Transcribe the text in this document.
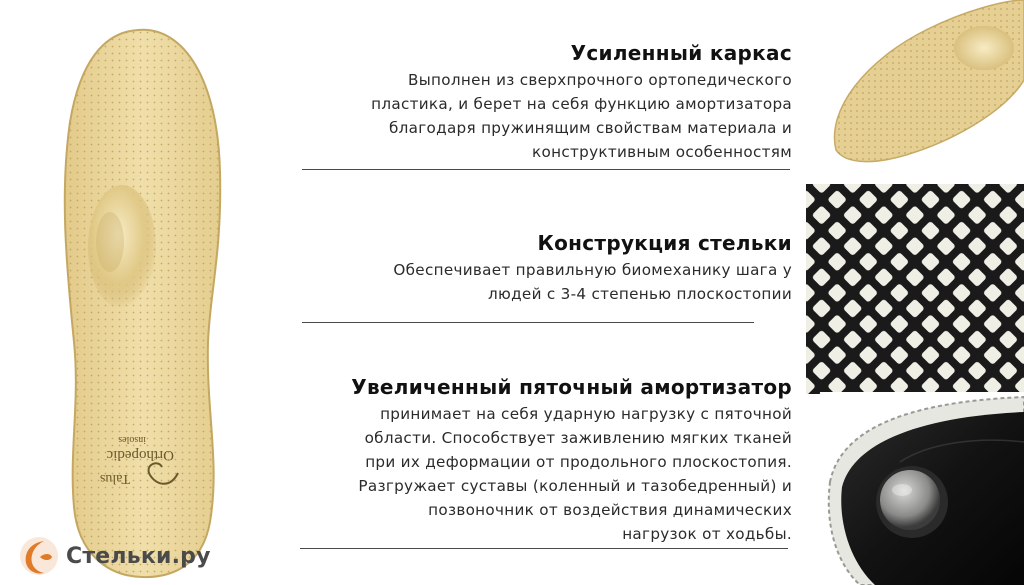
Talus
Orthopedic
insoles
Стельки.ру
Усиленный каркас

Выполнен из сверхпрочного ортопедического
пластика, и берет на себя функцию амортизатора
благодаря пружинящим свойствам материала и
конструктивным особенностям

Конструкция стельки

Обеспечивает правильную биомеханику шага у
людей с 3-4 степенью плоскостопии

Увеличенный пяточный амортизатор

принимает на себя ударную нагрузку с пяточной
области. Способствует заживлению мягких тканей
при их деформации от продольного плоскостопия.
Разгружает суставы (коленный и тазобедренный) и
позвоночник от воздействия динамических
нагрузок от ходьбы.
